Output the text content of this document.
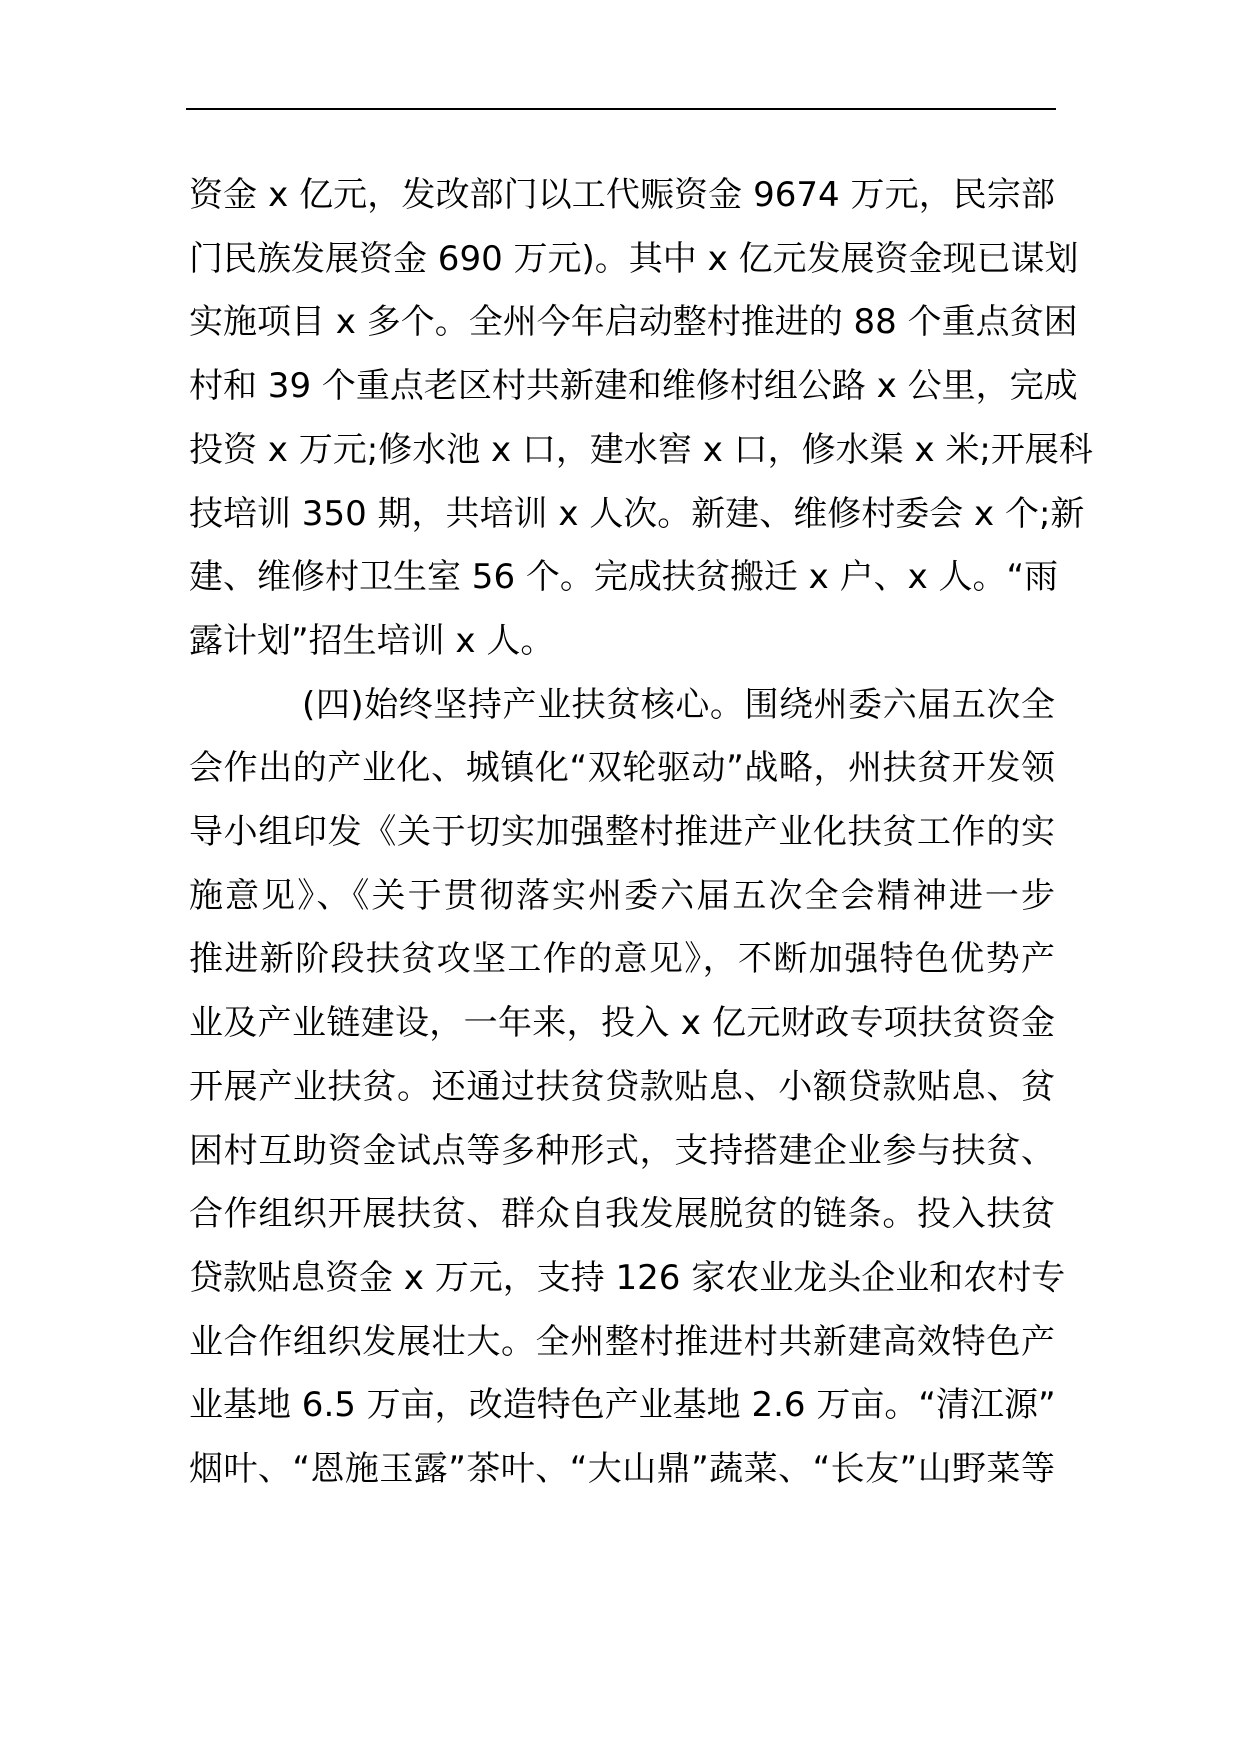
资金 x 亿元，发改部门以工代赈资金 9674 万元，民宗部
门民族发展资金 690 万元)。其中 x 亿元发展资金现已谋划
实施项目 x 多个。全州今年启动整村推进的 88 个重点贫困
村和 39 个重点老区村共新建和维修村组公路 x 公里，完成
投资 x 万元;修水池 x 口，建水窖 x 口，修水渠 x 米;开展科
技培训 350 期，共培训 x 人次。新建、维修村委会 x 个;新
建、维修村卫生室 56 个。完成扶贫搬迁 x 户、x 人。“雨
露计划”招生培训 x 人。

(四)始终坚持产业扶贫核心。围绕州委六届五次全
会作出的产业化、城镇化“双轮驱动”战略，州扶贫开发领
导小组印发《关于切实加强整村推进产业化扶贫工作的实
施意见》、《关于贯彻落实州委六届五次全会精神进一步
推进新阶段扶贫攻坚工作的意见》，不断加强特色优势产
业及产业链建设，一年来，投入 x 亿元财政专项扶贫资金
开展产业扶贫。还通过扶贫贷款贴息、小额贷款贴息、贫
困村互助资金试点等多种形式，支持搭建企业参与扶贫、
合作组织开展扶贫、群众自我发展脱贫的链条。投入扶贫
贷款贴息资金 x 万元，支持 126 家农业龙头企业和农村专
业合作组织发展壮大。全州整村推进村共新建高效特色产
业基地 6.5 万亩，改造特色产业基地 2.6 万亩。“清江源”
烟叶、“恩施玉露”茶叶、“大山鼎”蔬菜、“长友”山野菜等
